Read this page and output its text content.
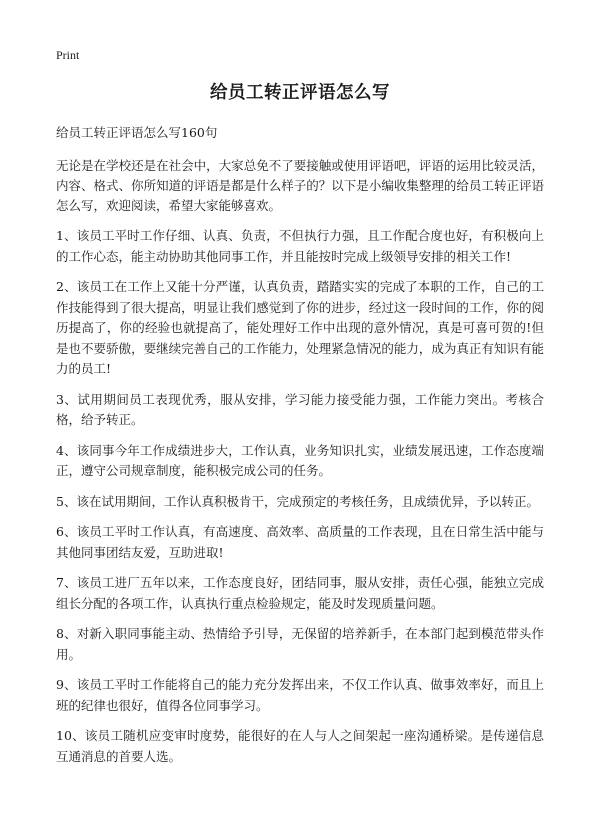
Print
给员工转正评语怎么写
给员工转正评语怎么写160句
无论是在学校还是在社会中，大家总免不了要接触或使用评语吧，评语的运用比较灵活，内容、格式、你所知道的评语是都是什么样子的？以下是小编收集整理的给员工转正评语怎么写，欢迎阅读，希望大家能够喜欢。
1、该员工平时工作仔细、认真、负责，不但执行力强，且工作配合度也好，有积极向上的工作心态，能主动协助其他同事工作，并且能按时完成上级领导安排的相关工作!
2、该员工在工作上又能十分严谨，认真负责，踏踏实实的完成了本职的工作，自己的工作技能得到了很大提高，明显让我们感觉到了你的进步，经过这一段时间的工作，你的阅历提高了，你的经验也就提高了，能处理好工作中出现的意外情况，真是可喜可贺的!但是也不要骄傲，要继续完善自己的工作能力，处理紧急情况的能力，成为真正有知识有能力的员工!
3、试用期间员工表现优秀，服从安排，学习能力接受能力强，工作能力突出。考核合格，给予转正。
4、该同事今年工作成绩进步大，工作认真，业务知识扎实，业绩发展迅速，工作态度端正，遵守公司规章制度，能积极完成公司的任务。
5、该在试用期间，工作认真积极肯干，完成预定的考核任务，且成绩优异，予以转正。
6、该员工平时工作认真，有高速度、高效率、高质量的工作表现，且在日常生活中能与其他同事团结友爱，互助进取!
7、该员工进厂五年以来，工作态度良好，团结同事，服从安排，责任心强，能独立完成组长分配的各项工作，认真执行重点检验规定，能及时发现质量问题。
8、对新入职同事能主动、热情给予引导，无保留的培养新手，在本部门起到模范带头作用。
9、该员工平时工作能将自己的能力充分发挥出来，不仅工作认真、做事效率好，而且上班的纪律也很好，值得各位同事学习。
10、该员工随机应变审时度势，能很好的在人与人之间架起一座沟通桥梁。是传递信息互通消息的首要人选。
